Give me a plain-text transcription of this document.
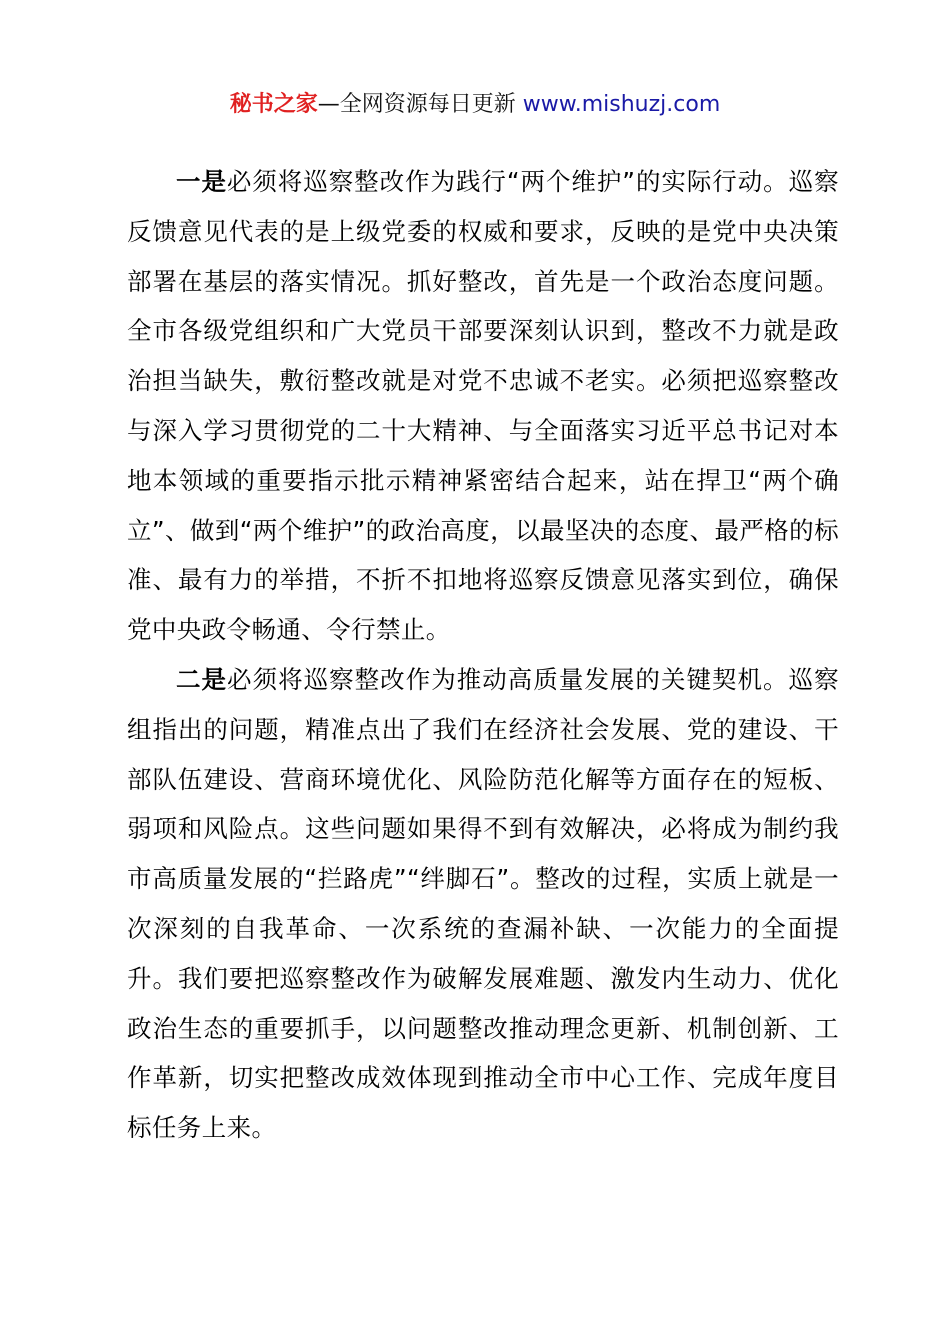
秘书之家—全网资源每日更新 www.mishuzj.com

一是必须将巡察整改作为践行“两个维护”的实际行动。巡察反馈意见代表的是上级党委的权威和要求，反映的是党中央决策部署在基层的落实情况。抓好整改，首先是一个政治态度问题。全市各级党组织和广大党员干部要深刻认识到，整改不力就是政治担当缺失，敷衍整改就是对党不忠诚不老实。必须把巡察整改与深入学习贯彻党的二十大精神、与全面落实习近平总书记对本地本领域的重要指示批示精神紧密结合起来，站在捍卫“两个确立”、做到“两个维护”的政治高度，以最坚决的态度、最严格的标准、最有力的举措，不折不扣地将巡察反馈意见落实到位，确保党中央政令畅通、令行禁止。

二是必须将巡察整改作为推动高质量发展的关键契机。巡察组指出的问题，精准点出了我们在经济社会发展、党的建设、干部队伍建设、营商环境优化、风险防范化解等方面存在的短板、弱项和风险点。这些问题如果得不到有效解决，必将成为制约我市高质量发展的“拦路虎”“绊脚石”。整改的过程，实质上就是一次深刻的自我革命、一次系统的查漏补缺、一次能力的全面提升。我们要把巡察整改作为破解发展难题、激发内生动力、优化政治生态的重要抓手，以问题整改推动理念更新、机制创新、工作革新，切实把整改成效体现到推动全市中心工作、完成年度目标任务上来。
